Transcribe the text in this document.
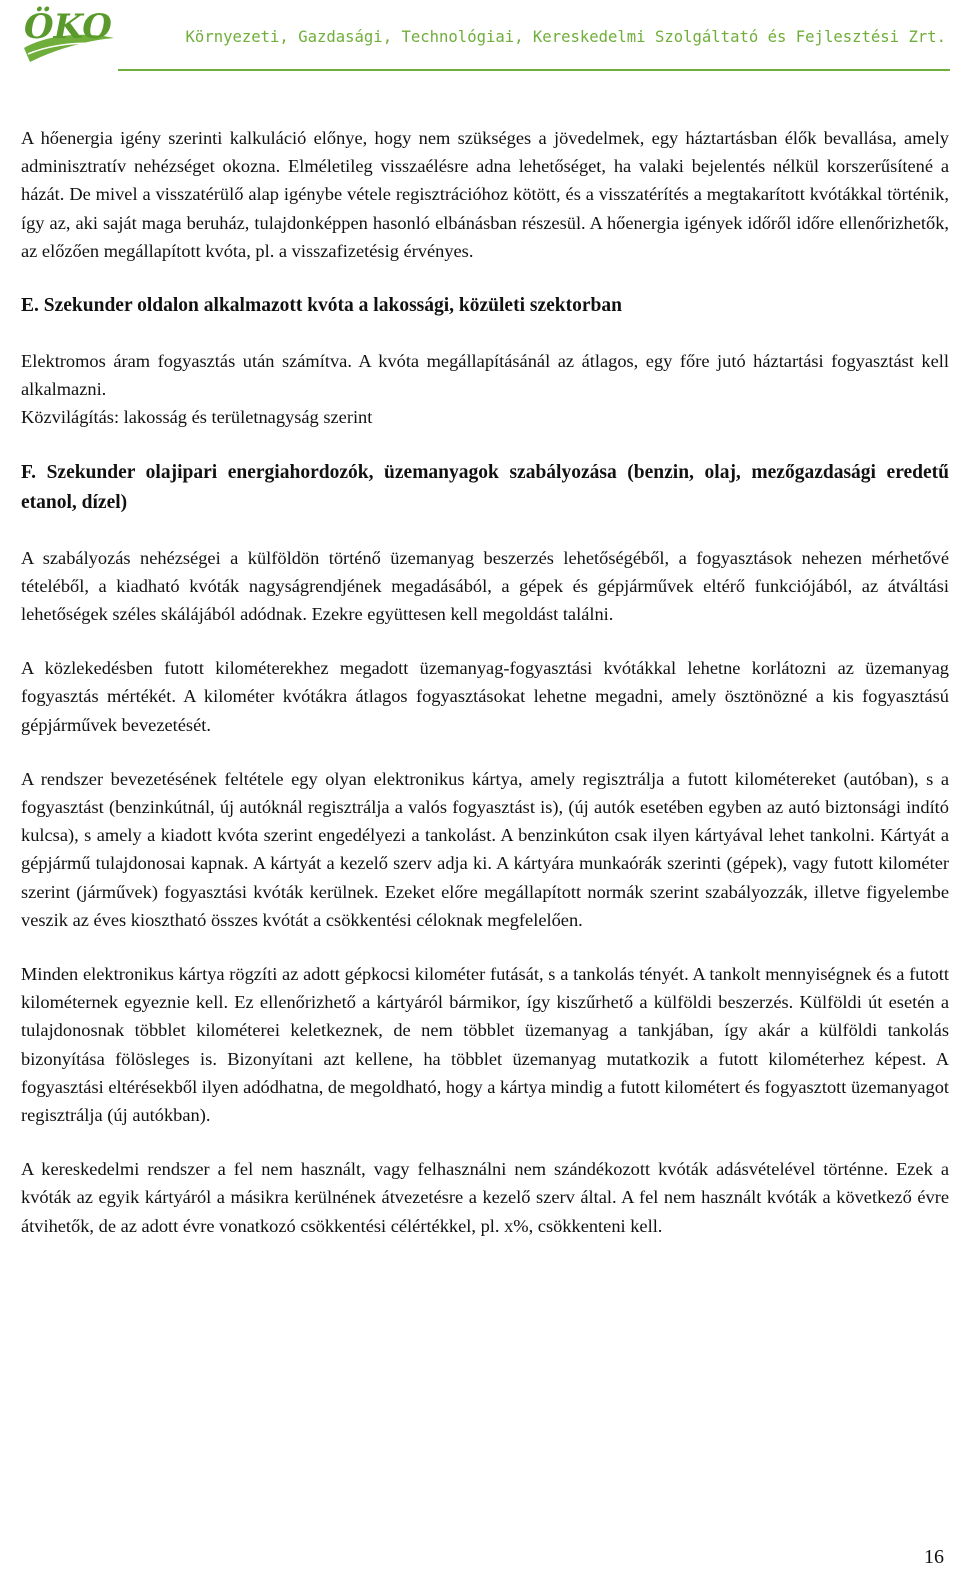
ÖKO
Zrt.
Környezeti, Gazdasági, Technológiai, Kereskedelmi Szolgáltató és Fejlesztési Zrt.

A hőenergia igény szerinti kalkuláció előnye, hogy nem szükséges a jövedelmek, egy háztartásban élők bevallása, amely adminisztratív nehézséget okozna. Elméletileg visszaélésre adna lehetőséget, ha valaki bejelentés nélkül korszerűsítené a házát. De mivel a visszatérülő alap igénybe vétele regisztrációhoz kötött, és a visszatérítés a megtakarított kvótákkal történik, így az, aki saját maga beruház, tulajdonképpen hasonló elbánásban részesül. A hőenergia igények időről időre ellenőrizhetők, az előzően megállapított kvóta, pl. a visszafizetésig érvényes.

E. Szekunder oldalon alkalmazott kvóta a lakossági, közületi szektorban

Elektromos áram fogyasztás után számítva. A kvóta megállapításánál az átlagos, egy főre jutó háztartási fogyasztást kell alkalmazni.

Közvilágítás: lakosság és területnagyság szerint

F. Szekunder olajipari energiahordozók, üzemanyagok szabályozása (benzin, olaj, mezőgazdasági eredetű etanol, dízel)

A szabályozás nehézségei a külföldön történő üzemanyag beszerzés lehetőségéből, a fogyasztások nehezen mérhetővé tételéből, a kiadható kvóták nagyságrendjének megadásából, a gépek és gépjárművek eltérő funkciójából, az átváltási lehetőségek széles skálájából adódnak. Ezekre együttesen kell megoldást találni.

A közlekedésben futott kilométerekhez megadott üzemanyag-fogyasztási kvótákkal lehetne korlátozni az üzemanyag fogyasztás mértékét. A kilométer kvótákra átlagos fogyasztásokat lehetne megadni, amely ösztönözné a kis fogyasztású gépjárművek bevezetését.

A rendszer bevezetésének feltétele egy olyan elektronikus kártya, amely regisztrálja a futott kilométereket (autóban), s a fogyasztást (benzinkútnál, új autóknál regisztrálja a valós fogyasztást is), (új autók esetében egyben az autó biztonsági indító kulcsa), s amely a kiadott kvóta szerint engedélyezi a tankolást. A benzinkúton csak ilyen kártyával lehet tankolni. Kártyát a gépjármű tulajdonosai kapnak. A kártyát a kezelő szerv adja ki. A kártyára munkaórák szerinti (gépek), vagy futott kilométer szerint (járművek) fogyasztási kvóták kerülnek. Ezeket előre megállapított normák szerint szabályozzák, illetve figyelembe veszik az éves kiosztható összes kvótát a csökkentési céloknak megfelelően.

Minden elektronikus kártya rögzíti az adott gépkocsi kilométer futását, s a tankolás tényét. A tankolt mennyiségnek és a futott kilométernek egyeznie kell. Ez ellenőrizhető a kártyáról bármikor, így kiszűrhető a külföldi beszerzés. Külföldi út esetén a tulajdonosnak többlet kilométerei keletkeznek, de nem többlet üzemanyag a tankjában, így akár a külföldi tankolás bizonyítása fölösleges is. Bizonyítani azt kellene, ha többlet üzemanyag mutatkozik a futott kilométerhez képest. A fogyasztási eltérésekből ilyen adódhatna, de megoldható, hogy a kártya mindig a futott kilométert és fogyasztott üzemanyagot regisztrálja (új autókban).

A kereskedelmi rendszer a fel nem használt, vagy felhasználni nem szándékozott kvóták adásvételével történne. Ezek a kvóták az egyik kártyáról a másikra kerülnének átvezetésre a kezelő szerv által. A fel nem használt kvóták a következő évre átvihetők, de az adott évre vonatkozó csökkentési célértékkel, pl. x%, csökkenteni kell.

16
